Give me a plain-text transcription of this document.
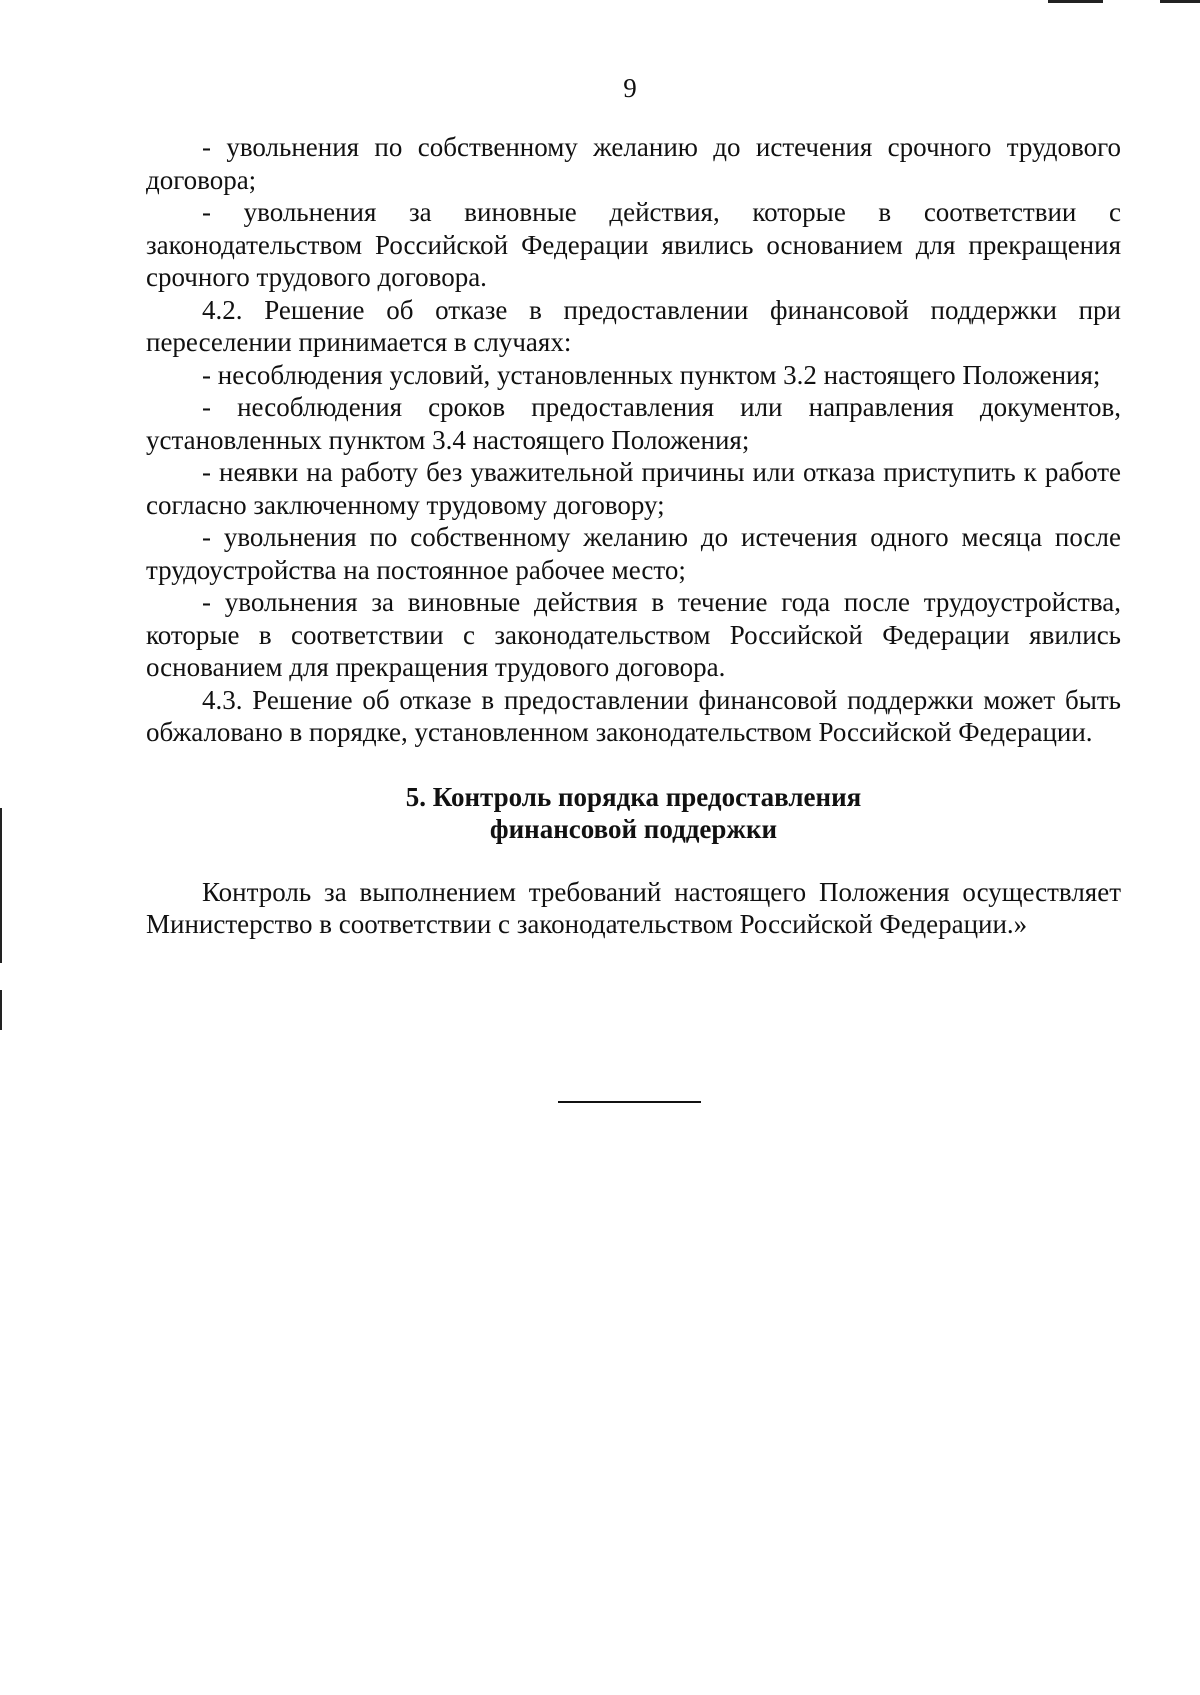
9

- увольнения по собственному желанию до истечения срочного трудового договора;

- увольнения за виновные действия, которые в соответствии с законодательством Российской Федерации явились основанием для прекращения срочного трудового договора.

4.2. Решение об отказе в предоставлении финансовой поддержки при переселении принимается в случаях:

- несоблюдения условий, установленных пунктом 3.2 настоящего Положения;

- несоблюдения сроков предоставления или направления документов, установленных пунктом 3.4 настоящего Положения;

- неявки на работу без уважительной причины или отказа приступить к работе согласно заключенному трудовому договору;

- увольнения по собственному желанию до истечения одного месяца после трудоустройства на постоянное рабочее место;

- увольнения за виновные действия в течение года после трудоустройства, которые в соответствии с законодательством Российской Федерации явились основанием для прекращения трудового договора.

4.3. Решение об отказе в предоставлении финансовой поддержки может быть обжаловано в порядке, установленном законодательством Российской Федерации.

5. Контроль порядка предоставления
финансовой поддержки

Контроль за выполнением требований настоящего Положения осуществляет Министерство в соответствии с законодательством Российской Федерации.»
